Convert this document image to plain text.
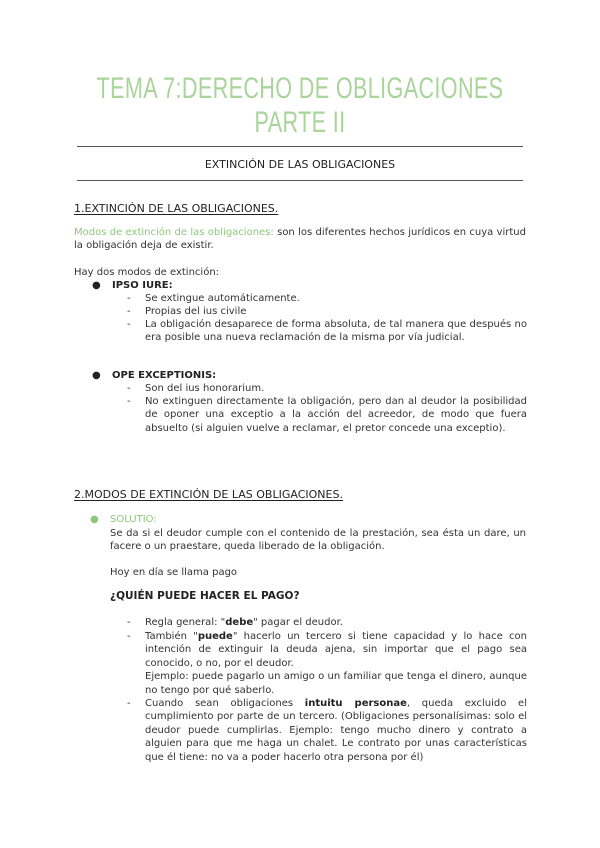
TEMA 7:DERECHO DE OBLIGACIONES PARTE II
EXTINCIÓN DE LAS OBLIGACIONES
1.EXTINCIÓN DE LAS OBLIGACIONES.
Modos de extinción de las obligaciones: son los diferentes hechos jurídicos en cuya virtud la obligación deja de existir.
Hay dos modos de extinción:
● IPSO IURE:
- Se extingue automáticamente.
- Propias del ius civile
- La obligación desaparece de forma absoluta, de tal manera que después no era posible una nueva reclamación de la misma por vía judicial.
● OPE EXCEPTIONIS:
- Son del ius honorarium.
- No extinguen directamente la obligación, pero dan al deudor la posibilidad de oponer una exceptio a la acción del acreedor, de modo que fuera absuelto (si alguien vuelve a reclamar, el pretor concede una exceptio).
2.MODOS DE EXTINCIÓN DE LAS OBLIGACIONES.
● SOLUTIO:
Se da si el deudor cumple con el contenido de la prestación, sea ésta un dare, un facere o un praestare, queda liberado de la obligación.
Hoy en día se llama pago
¿QUIÉN PUEDE HACER EL PAGO?
- Regla general: "debe" pagar el deudor.
- También "puede" hacerlo un tercero si tiene capacidad y lo hace con intención de extinguir la deuda ajena, sin importar que el pago sea conocido, o no, por el deudor.
Ejemplo: puede pagarlo un amigo o un familiar que tenga el dinero, aunque no tengo por qué saberlo.
- Cuando sean obligaciones intuitu personae, queda excluido el cumplimiento por parte de un tercero. (Obligaciones personalísimas: solo el deudor puede cumplirlas. Ejemplo: tengo mucho dinero y contrato a alguien para que me haga un chalet. Le contrato por unas características que él tiene: no va a poder hacerlo otra persona por él)
